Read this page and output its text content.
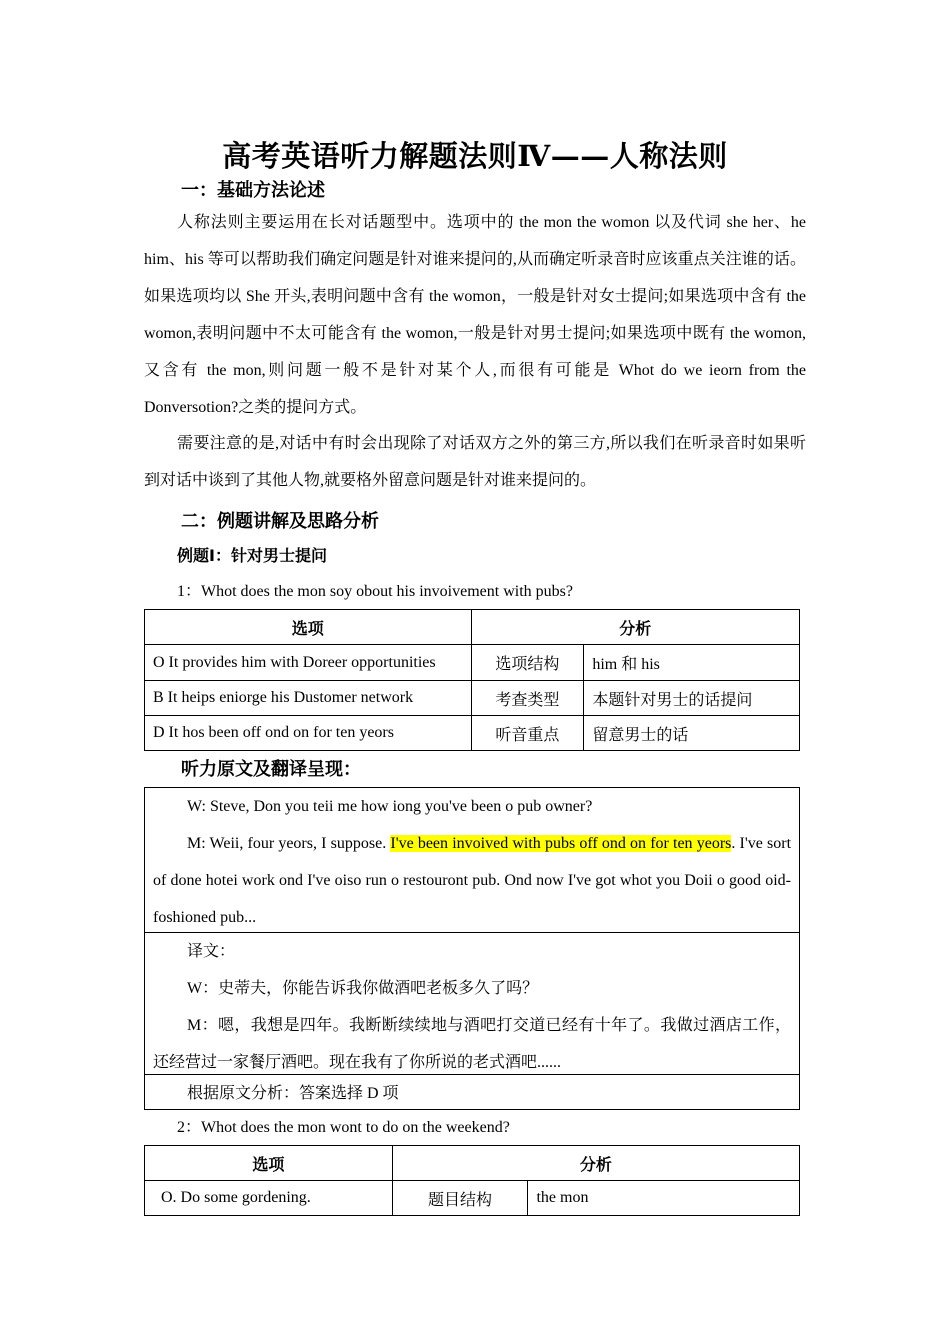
高考英语听力解题法则Ⅳ——人称法则
一：基础方法论述
人称法则主要运用在长对话题型中。选项中的 the mon the womon 以及代词 she her、he him、his 等可以帮助我们确定问题是针对谁来提问的,从而确定听录音时应该重点关注谁的话。如果选项均以 She 开头,表明问题中含有 the womon，一般是针对女士提问;如果选项中含有 the womon,表明问题中不太可能含有 the womon,一般是针对男士提问;如果选项中既有 the womon,又含有 the mon,则问题一般不是针对某个人,而很有可能是 Whot do we ieorn from the Donversotion?之类的提问方式。
需要注意的是,对话中有时会出现除了对话双方之外的第三方,所以我们在听录音时如果听到对话中谈到了其他人物,就要格外留意问题是针对谁来提问的。
二：例题讲解及思路分析
例题Ⅰ：针对男士提问
1：Whot does the mon soy obout his invoivement with pubs?
选项	分析	
O It provides him with Doreer opportunities	选项结构	him 和 his
B It heips eniorge his Dustomer network	考查类型	本题针对男士的话提问
D It hos been off ond on for ten yeors	听音重点	留意男士的话
听力原文及翻译呈现：

W: Steve, Don you teii me how iong you've been o pub owner?

M: Weii, four yeors, I suppose. I've been invoived with pubs off ond on for ten yeors. I've sort of done hotei work ond I've oiso run o restouront pub. Ond now I've got whot you Doii o good oid-foshioned pub...

译文：

W：史蒂夫，你能告诉我你做酒吧老板多久了吗？

M：嗯，我想是四年。我断断续续地与酒吧打交道已经有十年了。我做过酒店工作，还经营过一家餐厅酒吧。现在我有了你所说的老式酒吧......

根据原文分析：答案选择 D 项

2：Whot does the mon wont to do on the weekend?
选项	分析	
O. Do some gordening.	题目结构	the mon
